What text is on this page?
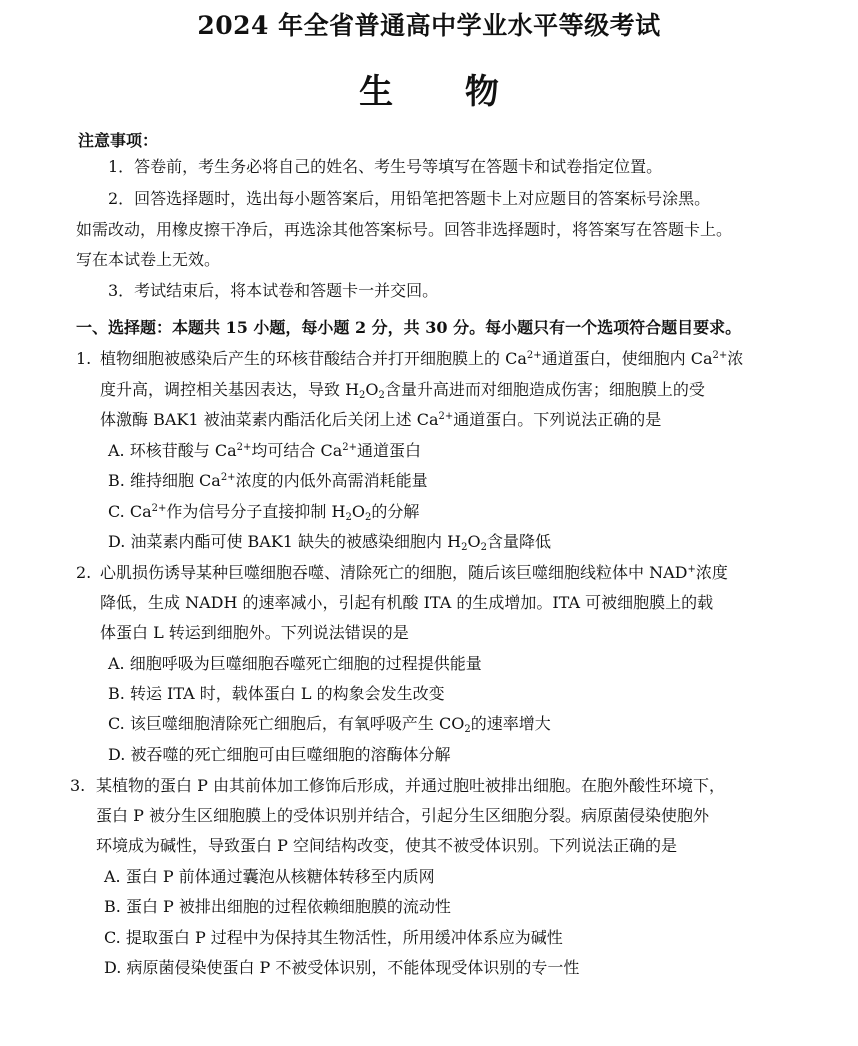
2024 年全省普通高中学业水平等级考试
生 物
注意事项：
1．答卷前，考生务必将自己的姓名、考生号等填写在答题卡和试卷指定位置。
2．回答选择题时，选出每小题答案后，用铅笔把答题卡上对应题目的答案标号涂黑。
如需改动，用橡皮擦干净后，再选涂其他答案标号。回答非选择题时，将答案写在答题卡上。
写在本试卷上无效。
3．考试结束后，将本试卷和答题卡一并交回。
一、选择题：本题共 15 小题，每小题 2 分，共 30 分。每小题只有一个选项符合题目要求。
1. 植物细胞被感染后产生的环核苷酸结合并打开细胞膜上的 $Ca^{2+}$通道蛋白，使细胞内 $Ca^{2+}$浓
度升高，调控相关基因表达，导致 $H_2O_2$含量升高进而对细胞造成伤害；细胞膜上的受
体激酶 BAK1 被油菜素内酯活化后关闭上述 $Ca^{2+}$通道蛋白。下列说法正确的是
A. 环核苷酸与 $Ca^{2+}$均可结合 $Ca^{2+}$通道蛋白
B. 维持细胞 $Ca^{2+}$浓度的内低外高需消耗能量
C. $Ca^{2+}$作为信号分子直接抑制 $H_2O_2$的分解
D. 油菜素内酯可使 BAK1 缺失的被感染细胞内 $H_2O_2$含量降低
2. 心肌损伤诱导某种巨噬细胞吞噬、清除死亡的细胞，随后该巨噬细胞线粒体中 NAD+浓度
降低，生成 NADH 的速率减小，引起有机酸 ITA 的生成增加。ITA 可被细胞膜上的载
体蛋白 L 转运到细胞外。下列说法错误的是
A. 细胞呼吸为巨噬细胞吞噬死亡细胞的过程提供能量
B. 转运 ITA 时，载体蛋白 L 的构象会发生改变
C. 该巨噬细胞清除死亡细胞后，有氧呼吸产生 $CO_2$的速率增大
D. 被吞噬的死亡细胞可由巨噬细胞的溶酶体分解
3. 某植物的蛋白 P 由其前体加工修饰后形成，并通过胞吐被排出细胞。在胞外酸性环境下，
蛋白 P 被分生区细胞膜上的受体识别并结合，引起分生区细胞分裂。病原菌侵染使胞外
环境成为碱性，导致蛋白 P 空间结构改变，使其不被受体识别。下列说法正确的是
A. 蛋白 P 前体通过囊泡从核糖体转移至内质网
B. 蛋白 P 被排出细胞的过程依赖细胞膜的流动性
C. 提取蛋白 P 过程中为保持其生物活性，所用缓冲体系应为碱性
D. 病原菌侵染使蛋白 P 不被受体识别，不能体现受体识别的专一性
